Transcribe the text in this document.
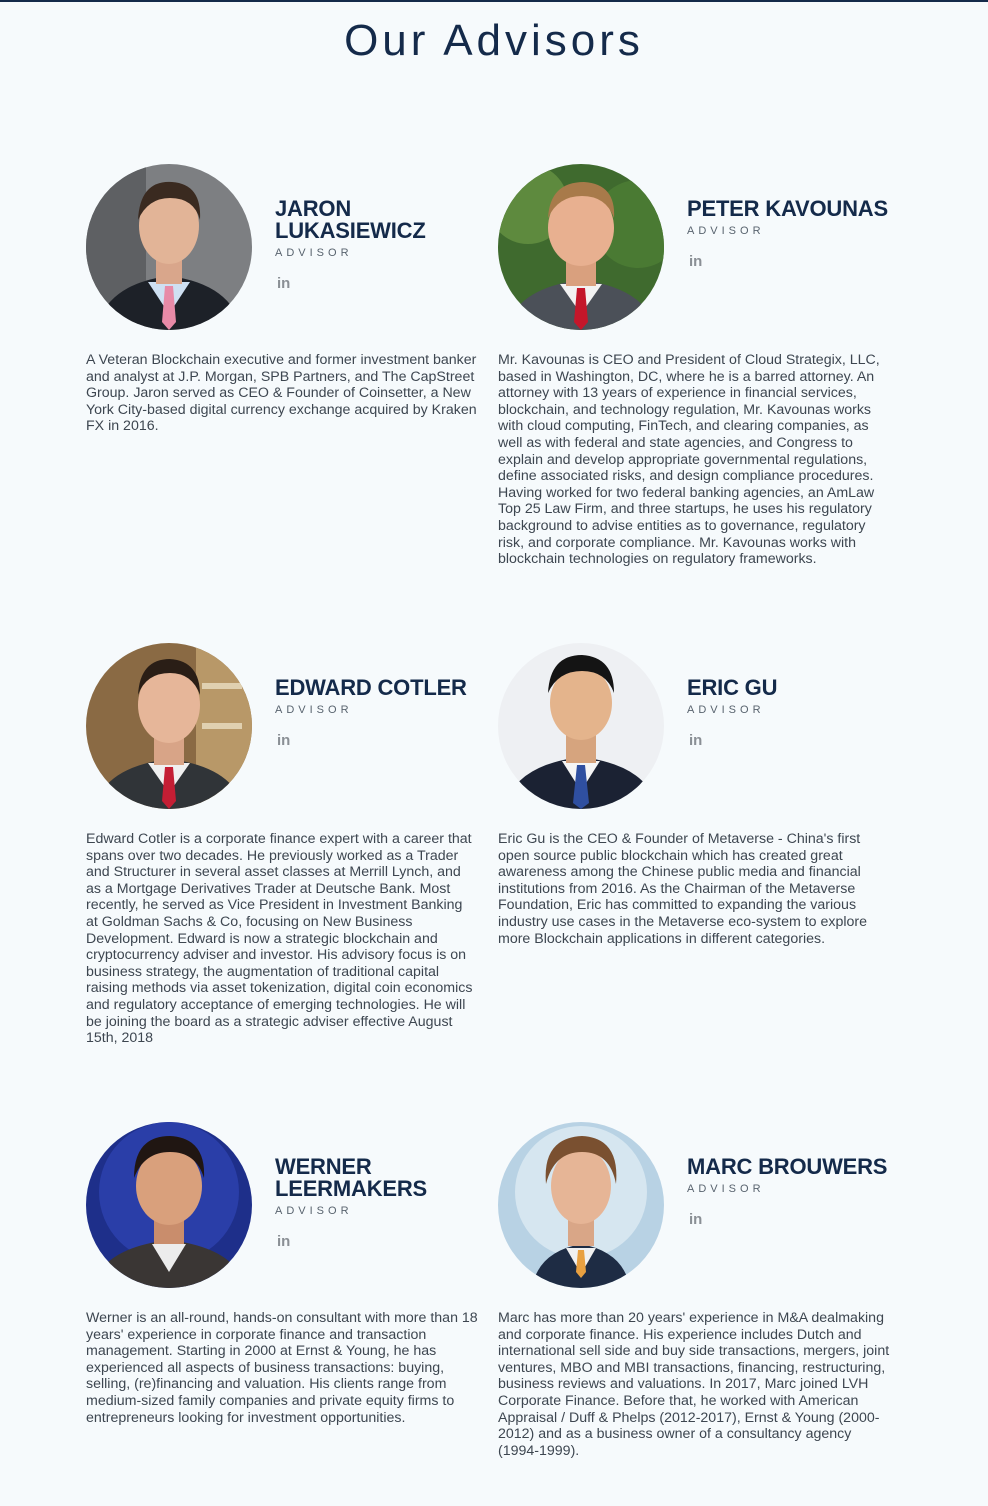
Our Advisors
JARON LUKASIEWICZ
ADVISOR
in

A Veteran Blockchain executive and former investment banker and analyst at J.P. Morgan, SPB Partners, and The CapStreet Group. Jaron served as CEO & Founder of Coinsetter, a New York City-based digital currency exchange acquired by Kraken FX in 2016.

PETER KAVOUNAS
ADVISOR
in

Mr. Kavounas is CEO and President of Cloud Strategix, LLC, based in Washington, DC, where he is a barred attorney. An attorney with 13 years of experience in financial services, blockchain, and technology regulation, Mr. Kavounas works with cloud computing, FinTech, and clearing companies, as well as with federal and state agencies, and Congress to explain and develop appropriate governmental regulations, define associated risks, and design compliance procedures. Having worked for two federal banking agencies, an AmLaw Top 25 Law Firm, and three startups, he uses his regulatory background to advise entities as to governance, regulatory risk, and corporate compliance. Mr. Kavounas works with blockchain technologies on regulatory frameworks.

EDWARD COTLER
ADVISOR
in

Edward Cotler is a corporate finance expert with a career that spans over two decades. He previously worked as a Trader and Structurer in several asset classes at Merrill Lynch, and as a Mortgage Derivatives Trader at Deutsche Bank. Most recently, he served as Vice President in Investment Banking at Goldman Sachs & Co, focusing on New Business Development. Edward is now a strategic blockchain and cryptocurrency adviser and investor. His advisory focus is on business strategy, the augmentation of traditional capital raising methods via asset tokenization, digital coin economics and regulatory acceptance of emerging technologies. He will be joining the board as a strategic adviser effective August 15th, 2018

ERIC GU
ADVISOR
in

Eric Gu is the CEO & Founder of Metaverse - China's first open source public blockchain which has created great awareness among the Chinese public media and financial institutions from 2016. As the Chairman of the Metaverse Foundation, Eric has committed to expanding the various industry use cases in the Metaverse eco-system to explore more Blockchain applications in different categories.

WERNER LEERMAKERS
ADVISOR
in

Werner is an all-round, hands-on consultant with more than 18 years' experience in corporate finance and transaction management. Starting in 2000 at Ernst & Young, he has experienced all aspects of business transactions: buying, selling, (re)financing and valuation. His clients range from medium-sized family companies and private equity firms to entrepreneurs looking for investment opportunities.

MARC BROUWERS
ADVISOR
in

Marc has more than 20 years' experience in M&A dealmaking and corporate finance. His experience includes Dutch and international sell side and buy side transactions, mergers, joint ventures, MBO and MBI transactions, financing, restructuring, business reviews and valuations. In 2017, Marc joined LVH Corporate Finance. Before that, he worked with American Appraisal / Duff & Phelps (2012-2017), Ernst & Young (2000-2012) and as a business owner of a consultancy agency (1994-1999).
